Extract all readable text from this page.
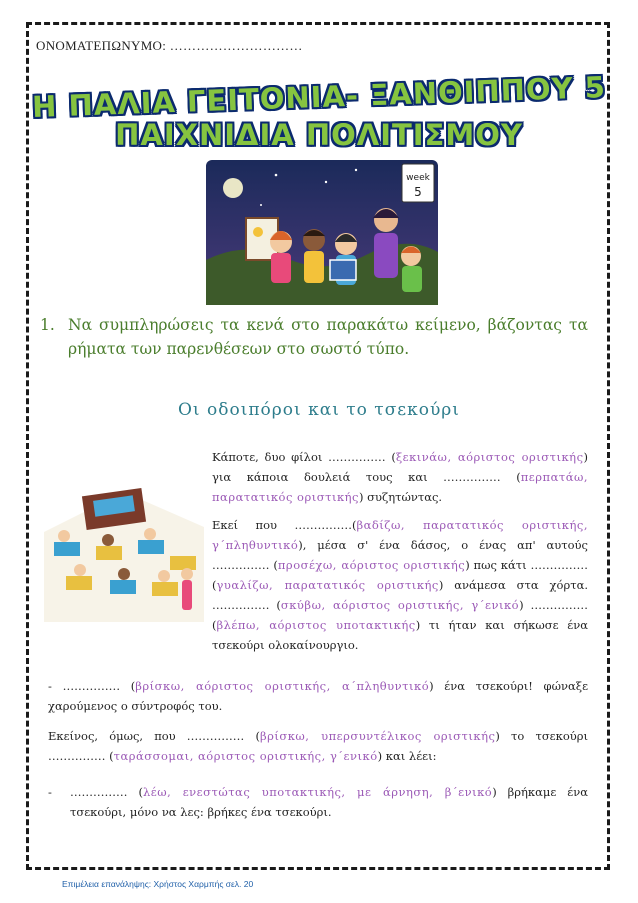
ΟΝΟΜΑΤΕΠΩΝΥΜΟ: …………………………
Η ΠΑΛΙΑ ΓΕΙΤΟΝΙΑ- ΞΑΝΘΙΠΠΟΥ 5
ΠΑΙΧΝΙΔΙΑ ΠΟΛΙΤΙΣΜΟΥ
week
5
1. Να συμπληρώσεις τα κενά στο παρακάτω κείμενο, βάζοντας τα ρήματα των παρενθέσεων στο σωστό τύπο.
Οι οδοιπόροι και το τσεκούρι

Κάποτε, δυο φίλοι …………… (ξεκινάω, αόριστος οριστικής) για κάποια δουλειά τους και …………… (περπατάω, παρατατικός οριστικής) συζητώντας.

Εκεί που ……………(βαδίζω, παρατατικός οριστικής, γ΄πληθυντικό), μέσα σ' ένα δάσος, ο ένας απ' αυτούς …………… (προσέχω, αόριστος οριστικής) πως κάτι …………… (γυαλίζω, παρατατικός οριστικής) ανάμεσα στα χόρτα. …………… (σκύβω, αόριστος οριστικής, γ΄ενικό) …………… (βλέπω, αόριστος υποτακτικής) τι ήταν και σήκωσε ένα τσεκούρι ολοκαίνουργιο.

- …………… (βρίσκω, αόριστος οριστικής, α΄πληθυντικό) ένα τσεκούρι! φώναξε χαρούμενος ο σύντροφός του.
Εκείνος, όμως, που …………… (βρίσκω, υπερσυντέλικος οριστικής) το τσεκούρι …………… (ταράσσομαι, αόριστος οριστικής, γ΄ενικό) και λέει:
- …………… (λέω, ενεστώτας υποτακτικής, με άρνηση, β΄ενικό) βρήκαμε ένα τσεκούρι, μόνο να λες: βρήκες ένα τσεκούρι.
Επιμέλεια επανάληψης: Χρήστος Χαρμπής σελ. 20
